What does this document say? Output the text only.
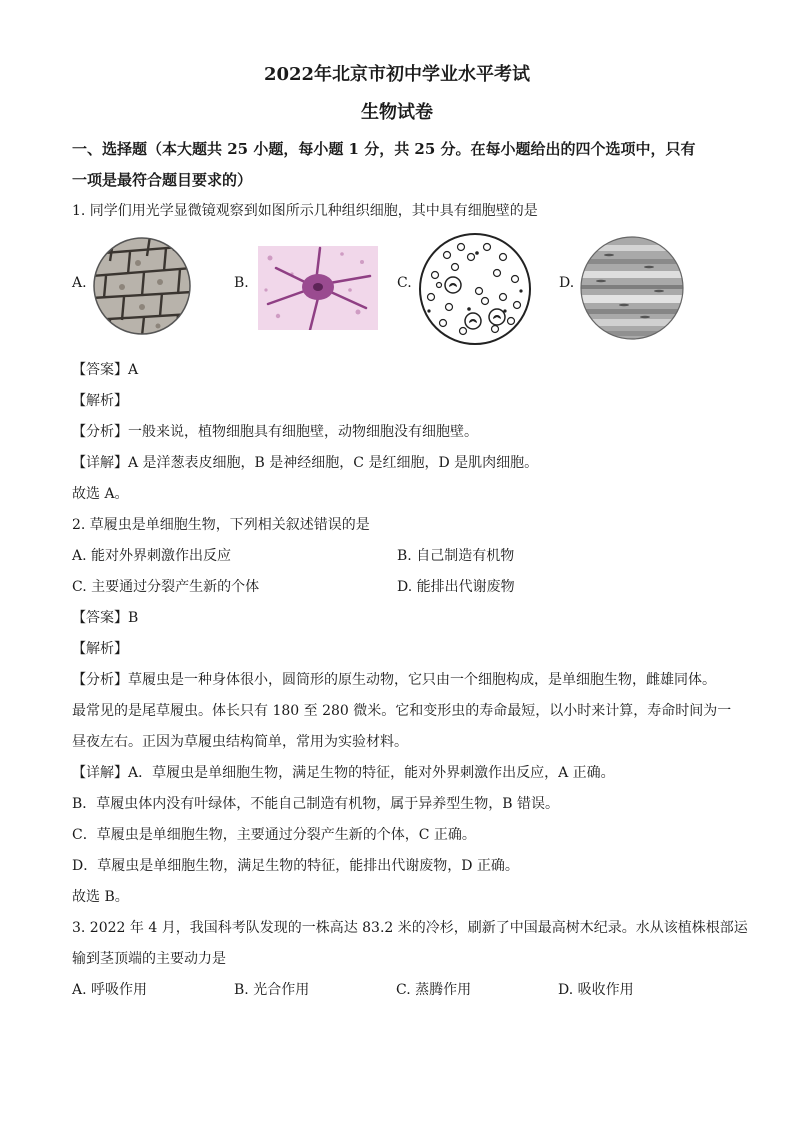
2022年北京市初中学业水平考试

生物试卷

一、选择题（本大题共 25 小题，每小题 1 分，共 25 分。在每小题给出的四个选项中，只有

一项是最符合题目要求的）

1. 同学们用光学显微镜观察到如图所示几种组织细胞，其中具有细胞壁的是

A.	B.	C.	D.

【答案】A

【解析】

【分析】一般来说，植物细胞具有细胞壁，动物细胞没有细胞壁。

【详解】A 是洋葱表皮细胞，B 是神经细胞，C 是红细胞，D 是肌肉细胞。

故选 A。

2. 草履虫是单细胞生物，下列相关叙述错误的是

A. 能对外界刺激作出反应	B. 自己制造有机物

C. 主要通过分裂产生新的个体	D. 能排出代谢废物

【答案】B

【解析】

【分析】草履虫是一种身体很小，圆筒形的原生动物，它只由一个细胞构成，是单细胞生物，雌雄同体。

最常见的是尾草履虫。体长只有 180 至 280 微米。它和变形虫的寿命最短，以小时来计算，寿命时间为一

昼夜左右。正因为草履虫结构简单，常用为实验材料。

【详解】A．草履虫是单细胞生物，满足生物的特征，能对外界刺激作出反应，A 正确。

B．草履虫体内没有叶绿体，不能自己制造有机物，属于异养型生物，B 错误。

C．草履虫是单细胞生物，主要通过分裂产生新的个体，C 正确。

D．草履虫是单细胞生物，满足生物的特征，能排出代谢废物，D 正确。

故选 B。

3. 2022 年 4 月，我国科考队发现的一株高达 83.2 米的冷杉，刷新了中国最高树木纪录。水从该植株根部运

输到茎顶端的主要动力是

A. 呼吸作用	B. 光合作用	C. 蒸腾作用	D. 吸收作用
